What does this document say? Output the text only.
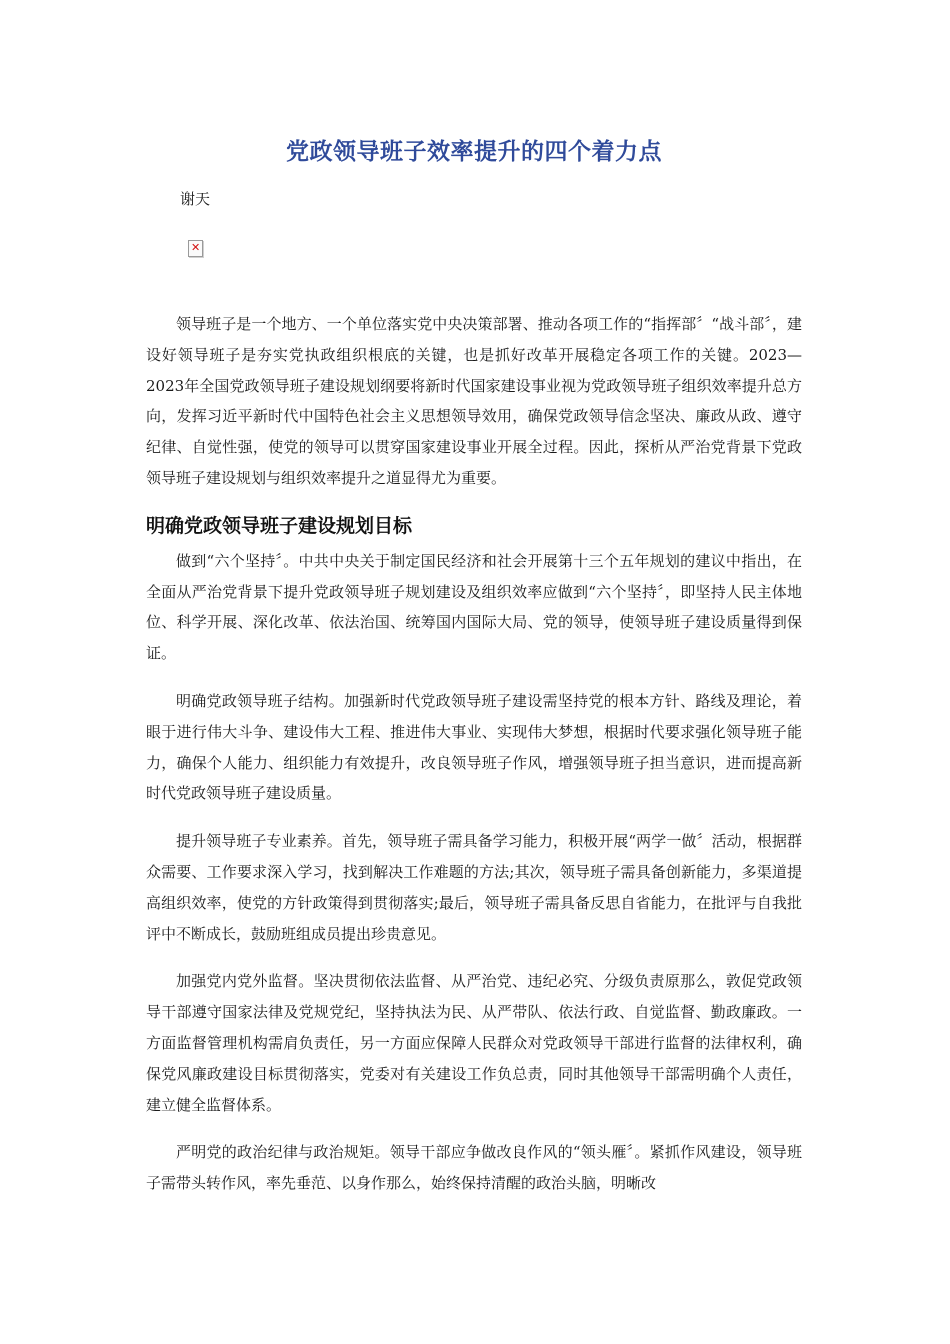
党政领导班子效率提升的四个着力点
谢天
✕

领导班子是一个地方、一个单位落实党中央决策部署、推动各项工作的“指挥部〞“战斗部〞，建设好领导班子是夯实党执政组织根底的关键，也是抓好改革开展稳定各项工作的关键。2023—2023年全国党政领导班子建设规划纲要将新时代国家建设事业视为党政领导班子组织效率提升总方向，发挥习近平新时代中国特色社会主义思想领导效用，确保党政领导信念坚决、廉政从政、遵守纪律、自觉性强，使党的领导可以贯穿国家建设事业开展全过程。因此，探析从严治党背景下党政领导班子建设规划与组织效率提升之道显得尤为重要。

明确党政领导班子建设规划目标

做到“六个坚持〞。中共中央关于制定国民经济和社会开展第十三个五年规划的建议中指出，在全面从严治党背景下提升党政领导班子规划建设及组织效率应做到“六个坚持〞，即坚持人民主体地位、科学开展、深化改革、依法治国、统筹国内国际大局、党的领导，使领导班子建设质量得到保证。

明确党政领导班子结构。加强新时代党政领导班子建设需坚持党的根本方针、路线及理论，着眼于进行伟大斗争、建设伟大工程、推进伟大事业、实现伟大梦想，根据时代要求强化领导班子能力，确保个人能力、组织能力有效提升，改良领导班子作风，增强领导班子担当意识，进而提高新时代党政领导班子建设质量。

提升领导班子专业素养。首先，领导班子需具备学习能力，积极开展“两学一做〞活动，根据群众需要、工作要求深入学习，找到解决工作难题的方法;其次，领导班子需具备创新能力，多渠道提高组织效率，使党的方针政策得到贯彻落实;最后，领导班子需具备反思自省能力，在批评与自我批评中不断成长，鼓励班组成员提出珍贵意见。

加强党内党外监督。坚决贯彻依法监督、从严治党、违纪必究、分级负责原那么，敦促党政领导干部遵守国家法律及党规党纪，坚持执法为民、从严带队、依法行政、自觉监督、勤政廉政。一方面监督管理机构需肩负责任，另一方面应保障人民群众对党政领导干部进行监督的法律权利，确保党风廉政建设目标贯彻落实，党委对有关建设工作负总责，同时其他领导干部需明确个人责任，建立健全监督体系。

严明党的政治纪律与政治规矩。领导干部应争做改良作风的“领头雁〞。紧抓作风建设，领导班子需带头转作风，率先垂范、以身作那么，始终保持清醒的政治头脑，明晰改
